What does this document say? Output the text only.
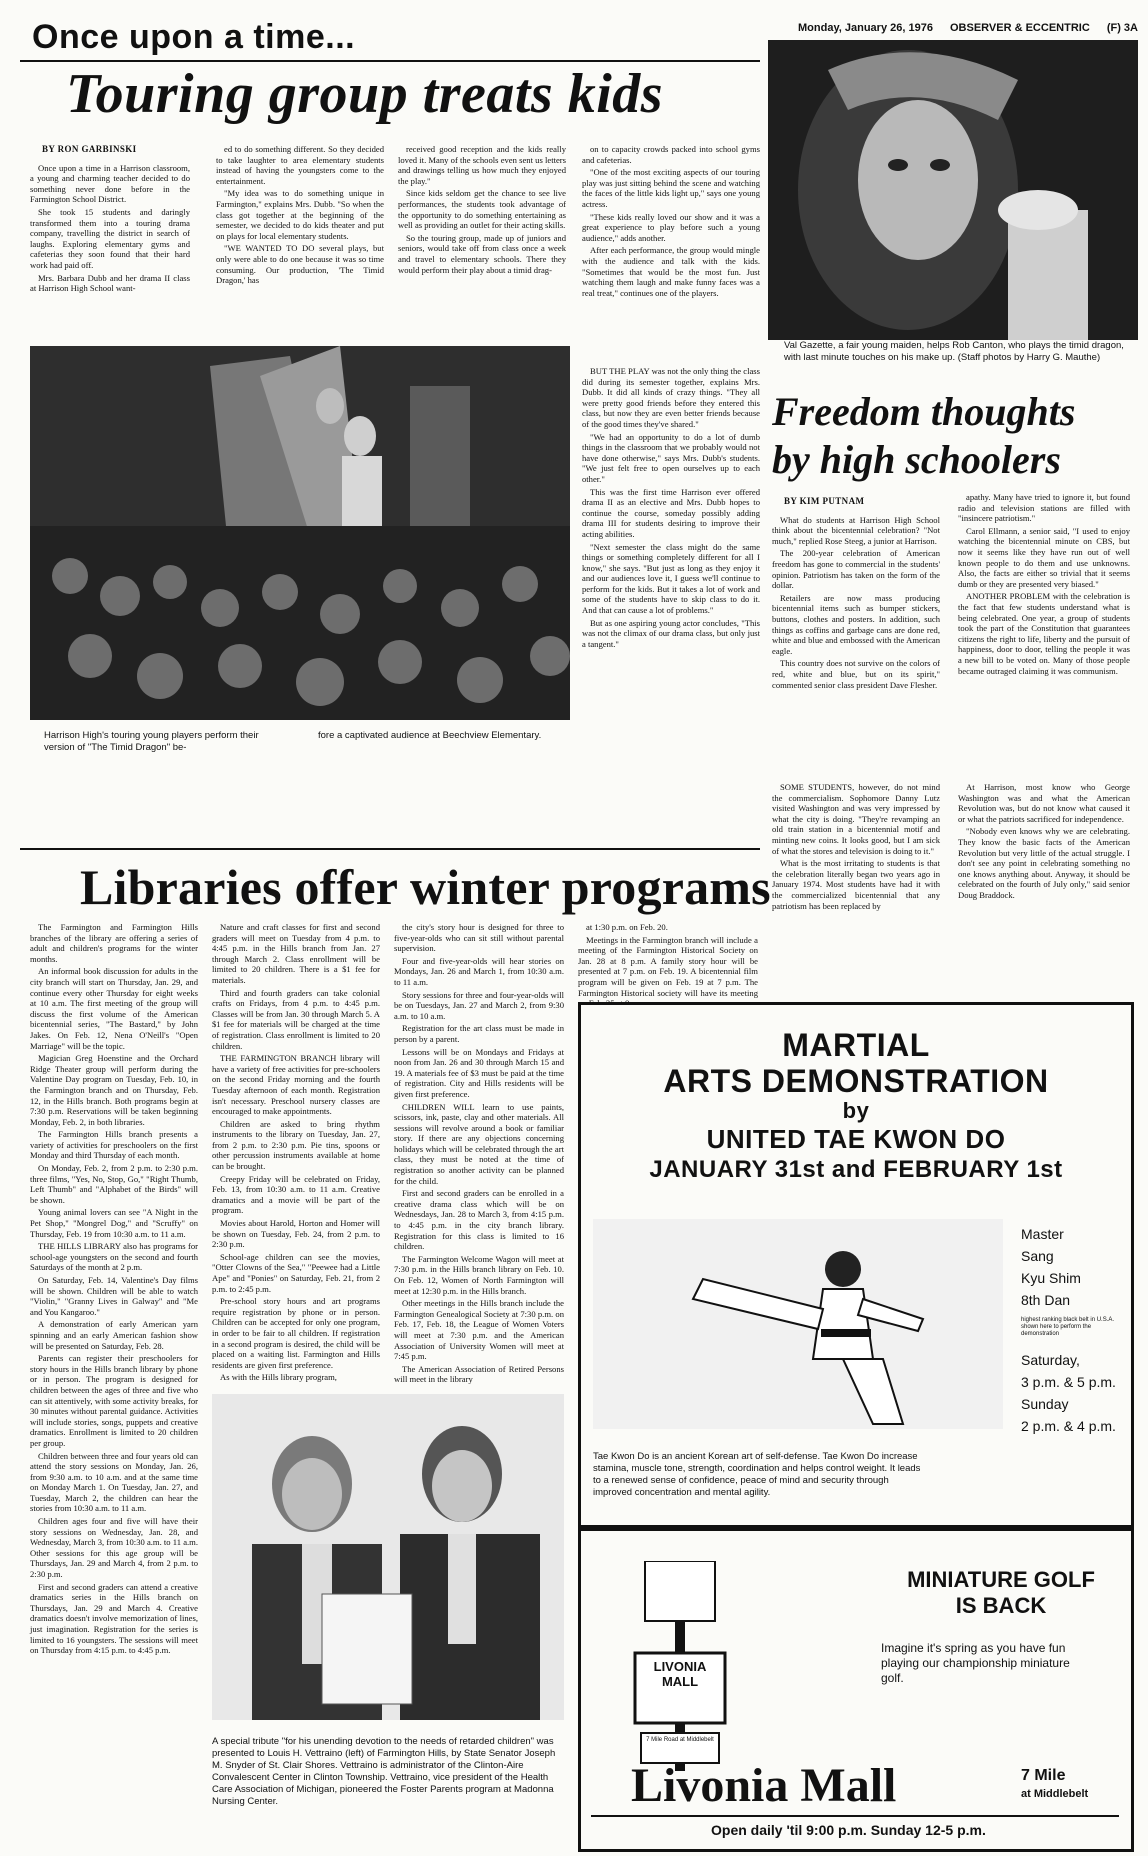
Monday, January 26, 1976 OBSERVER & ECCENTRIC (F) 3A
Once upon a time...
Touring group treats kids
BY RON GARBINSKI

Once upon a time in a Harrison classroom, a young and charming teacher decided to do something never done before in the Farmington School District.

She took 15 students and daringly transformed them into a touring drama company, travelling the district in search of laughs. Exploring elementary gyms and cafeterias they soon found that their hard work had paid off.

Mrs. Barbara Dubb and her drama II class at Harrison High School want-

ed to do something different. So they decided to take laughter to area elementary students instead of having the youngsters come to the entertainment.

"My idea was to do something unique in Farmington," explains Mrs. Dubb. "So when the class got together at the beginning of the semester, we decided to do kids theater and put on plays for local elementary students.

"WE WANTED TO DO several plays, but only were able to do one because it was so time consuming. Our production, 'The Timid Dragon,' has

received good reception and the kids really loved it. Many of the schools even sent us letters and drawings telling us how much they enjoyed the play."

Since kids seldom get the chance to see live performances, the students took advantage of the opportunity to do something entertaining as well as providing an outlet for their acting skills.

So the touring group, made up of juniors and seniors, would take off from class once a week and travel to elementary schools. There they would perform their play about a timid drag-

on to capacity crowds packed into school gyms and cafeterias.

"One of the most exciting aspects of our touring play was just sitting behind the scene and watching the faces of the little kids light up," says one young actress.

"These kids really loved our show and it was a great experience to play before such a young audience," adds another.

After each performance, the group would mingle with the audience and talk with the kids. "Sometimes that would be the most fun. Just watching them laugh and make funny faces was a real treat," continues one of the players.

BUT THE PLAY was not the only thing the class did during its semester together, explains Mrs. Dubb. It did all kinds of crazy things. "They all were pretty good friends before they entered this class, but now they are even better friends because of the good times they've shared."

"We had an opportunity to do a lot of dumb things in the classroom that we probably would not have done otherwise," says Mrs. Dubb's students. "We just felt free to open ourselves up to each other."

This was the first time Harrison ever offered drama II as an elective and Mrs. Dubb hopes to continue the course, someday possibly adding drama III for students desiring to improve their acting abilities.

"Next semester the class might do the same things or something completely different for all I know," she says. "But just as long as they enjoy it and our audiences love it, I guess we'll continue to perform for the kids. But it takes a lot of work and some of the students have to skip class to do it. And that can cause a lot of problems."

But as one aspiring young actor concludes, "This was not the climax of our drama class, but only just a tangent."

Harrison High's touring young players perform their version of "The Timid Dragon" be-
fore a captivated audience at Beechview Elementary.
Val Gazette, a fair young maiden, helps Rob Canton, who plays the timid dragon, with last minute touches on his make up. (Staff photos by Harry G. Mauthe)
Freedom thoughts
by high schoolers
BY KIM PUTNAM

What do students at Harrison High School think about the bicentennial celebration? "Not much," replied Rose Steeg, a junior at Harrison.

The 200-year celebration of American freedom has gone to commercial in the students' opinion. Patriotism has taken on the form of the dollar.

Retailers are now mass producing bicentennial items such as bumper stickers, buttons, clothes and posters. In addition, such things as coffins and garbage cans are done red, white and blue and embossed with the American eagle.

This country does not survive on the colors of red, white and blue, but on its spirit," commented senior class president Dave Flesher.

apathy. Many have tried to ignore it, but found radio and television stations are filled with "insincere patriotism."

Carol Ellmann, a senior said, "I used to enjoy watching the bicentennial minute on CBS, but now it seems like they have run out of well known people to do them and use unknowns. Also, the facts are either so trivial that it seems dumb or they are presented very biased."

ANOTHER PROBLEM with the celebration is the fact that few students understand what is being celebrated. One year, a group of students took the part of the Constitution that guarantees citizens the right to life, liberty and the pursuit of happiness, door to door, telling the people it was a new bill to be voted on. Many of those people became outraged claiming it was communism.

SOME STUDENTS, however, do not mind the commercialism. Sophomore Danny Lutz visited Washington and was very impressed by what the city is doing. "They're revamping an old train station in a bicentennial motif and minting new coins. It looks good, but I am sick of what the stores and television is doing to it."

What is the most irritating to students is that the celebration literally began two years ago in January 1974. Most students have had it with the commercialized bicentennial that any patriotism has been replaced by

At Harrison, most know who George Washington was and what the American Revolution was, but do not know what caused it or what the patriots sacrificed for independence.

"Nobody even knows why we are celebrating. They know the basic facts of the American Revolution but very little of the actual struggle. I don't see any point in celebrating something no one knows anything about. Anyway, it should be celebrated on the fourth of July only," said senior Doug Braddock.

Libraries offer winter programs

The Farmington and Farmington Hills branches of the library are offering a series of adult and children's programs for the winter months.

An informal book discussion for adults in the city branch will start on Thursday, Jan. 29, and continue every other Thursday for eight weeks at 10 a.m. The first meeting of the group will discuss the first volume of the American bicentennial series, "The Bastard," by John Jakes. On Feb. 12, Nena O'Neill's "Open Marriage" will be the topic.

Magician Greg Hoenstine and the Orchard Ridge Theater group will perform during the Valentine Day program on Tuesday, Feb. 10, in the Farmington branch and on Thursday, Feb. 12, in the Hills branch. Both programs begin at 7:30 p.m. Reservations will be taken beginning Monday, Feb. 2, in both libraries.

The Farmington Hills branch presents a variety of activities for preschoolers on the first Monday and third Thursday of each month.

On Monday, Feb. 2, from 2 p.m. to 2:30 p.m. three films, "Yes, No, Stop, Go," "Right Thumb, Left Thumb" and "Alphabet of the Birds" will be shown.

Young animal lovers can see "A Night in the Pet Shop," "Mongrel Dog," and "Scruffy" on Thursday, Feb. 19 from 10:30 a.m. to 11 a.m.

THE HILLS LIBRARY also has programs for school-age youngsters on the second and fourth Saturdays of the month at 2 p.m.

On Saturday, Feb. 14, Valentine's Day films will be shown. Children will be able to watch "Violin," "Granny Lives in Galway" and "Me and You Kangaroo."

A demonstration of early American yarn spinning and an early American fashion show will be presented on Saturday, Feb. 28.

Parents can register their preschoolers for story hours in the Hills branch library by phone or in person. The program is designed for children between the ages of three and five who can sit attentively, with some activity breaks, for 30 minutes without parental guidance. Activities will include stories, songs, puppets and creative dramatics. Enrollment is limited to 20 children per group.

Children between three and four years old can attend the story sessions on Monday, Jan. 26, from 9:30 a.m. to 10 a.m. and at the same time on Monday March 1. On Tuesday, Jan. 27, and Tuesday, March 2, the children can hear the stories from 10:30 a.m. to 11 a.m.

Children ages four and five will have their story sessions on Wednesday, Jan. 28, and Wednesday, March 3, from 10:30 a.m. to 11 a.m. Other sessions for this age group will be Thursdays, Jan. 29 and March 4, from 2 p.m. to 2:30 p.m.

First and second graders can attend a creative dramatics series in the Hills branch on Thursdays, Jan. 29 and March 4. Creative dramatics doesn't involve memorization of lines, just imagination. Registration for the series is limited to 16 youngsters. The sessions will meet on Thursday from 4:15 p.m. to 4:45 p.m.

Nature and craft classes for first and second graders will meet on Tuesday from 4 p.m. to 4:45 p.m. in the Hills branch from Jan. 27 through March 2. Class enrollment will be limited to 20 children. There is a $1 fee for materials.

Third and fourth graders can take colonial crafts on Fridays, from 4 p.m. to 4:45 p.m. Classes will be from Jan. 30 through March 5. A $1 fee for materials will be charged at the time of registration. Class enrollment is limited to 20 children.

THE FARMINGTON BRANCH library will have a variety of free activities for pre-schoolers on the second Friday morning and the fourth Tuesday afternoon of each month. Registration isn't necessary. Preschool nursery classes are encouraged to make appointments.

Children are asked to bring rhythm instruments to the library on Tuesday, Jan. 27, from 2 p.m. to 2:30 p.m. Pie tins, spoons or other percussion instruments available at home can be brought.

Creepy Friday will be celebrated on Friday, Feb. 13, from 10:30 a.m. to 11 a.m. Creative dramatics and a movie will be part of the program.

Movies about Harold, Horton and Homer will be shown on Tuesday, Feb. 24, from 2 p.m. to 2:30 p.m.

School-age children can see the movies, "Otter Clowns of the Sea," "Peewee had a Little Ape" and "Ponies" on Saturday, Feb. 21, from 2 p.m. to 2:45 p.m.

Pre-school story hours and art programs require registration by phone or in person. Children can be accepted for only one program, in order to be fair to all children. If registration in a second program is desired, the child will be placed on a waiting list. Farmington and Hills residents are given first preference.

As with the Hills library program,

the city's story hour is designed for three to five-year-olds who can sit still without parental supervision.

Four and five-year-olds will hear stories on Mondays, Jan. 26 and March 1, from 10:30 a.m. to 11 a.m.

Story sessions for three and four-year-olds will be on Tuesdays, Jan. 27 and March 2, from 9:30 a.m. to 10 a.m.

Registration for the art class must be made in person by a parent.

Lessons will be on Mondays and Fridays at noon from Jan. 26 and 30 through March 15 and 19. A materials fee of $3 must be paid at the time of registration. City and Hills residents will be given first preference.

CHILDREN WILL learn to use paints, scissors, ink, paste, clay and other materials. All sessions will revolve around a book or familiar story. If there are any objections concerning holidays which will be celebrated through the art class, they must be noted at the time of registration so another activity can be planned for the child.

First and second graders can be enrolled in a creative drama class which will be on Wednesdays, Jan. 28 to March 3, from 4:15 p.m. to 4:45 p.m. in the city branch library. Registration for this class is limited to 16 children.

The Farmington Welcome Wagon will meet at 7:30 p.m. in the Hills branch library on Feb. 10. On Feb. 12, Women of North Farmington will meet at 12:30 p.m. in the Hills branch.

Other meetings in the Hills branch include the Farmington Genealogical Society at 7:30 p.m. on Feb. 17, Feb. 18, the League of Women Voters will meet at 7:30 p.m. and the American Association of University Women will meet at 7:45 p.m.

The American Association of Retired Persons will meet in the library

at 1:30 p.m. on Feb. 20.

Meetings in the Farmington branch will include a meeting of the Farmington Historical Society on Jan. 28 at 8 p.m. A family story hour will be presented at 7 p.m. on Feb. 19. A bicentennial film program will be given on Feb. 19 at 7 p.m. The Farmington Historical society will have its meeting

A special tribute "for his unending devotion to the needs of retarded children" was presented to Louis H. Vettraino (left) of Farmington Hills, by State Senator Joseph M. Snyder of St. Clair Shores. Vettraino is administrator of the Clinton-Aire Convalescent Center in Clinton Township. Vettraino, vice president of the Health Care Association of Michigan, pioneered the Foster Parents program at Madonna Nursing Center.
MARTIAL
ARTS DEMONSTRATION
by
UNITED TAE KWON DO
JANUARY 31st and FEBRUARY 1st
Master
Sang
Kyu Shim
8th Dan
highest ranking black belt in U.S.A. shown here to perform the demonstration
Saturday,
3 p.m. & 5 p.m.
Sunday
2 p.m. & 4 p.m.
Tae Kwon Do is an ancient Korean art of self-defense. Tae Kwon Do increase stamina, muscle tone, strength, coordination and helps control weight. It leads to a renewed sense of confidence, peace of mind and security through improved concentration and mental agility.
LIVONIA
MALL
7 Mile Road at Middlebelt
MINIATURE GOLF
IS BACK
Imagine it's spring as you have fun playing our championship miniature golf.
Livonia Mall	7 Mile
at Middlebelt
Open daily 'til 9:00 p.m. Sunday 12-5 p.m.
